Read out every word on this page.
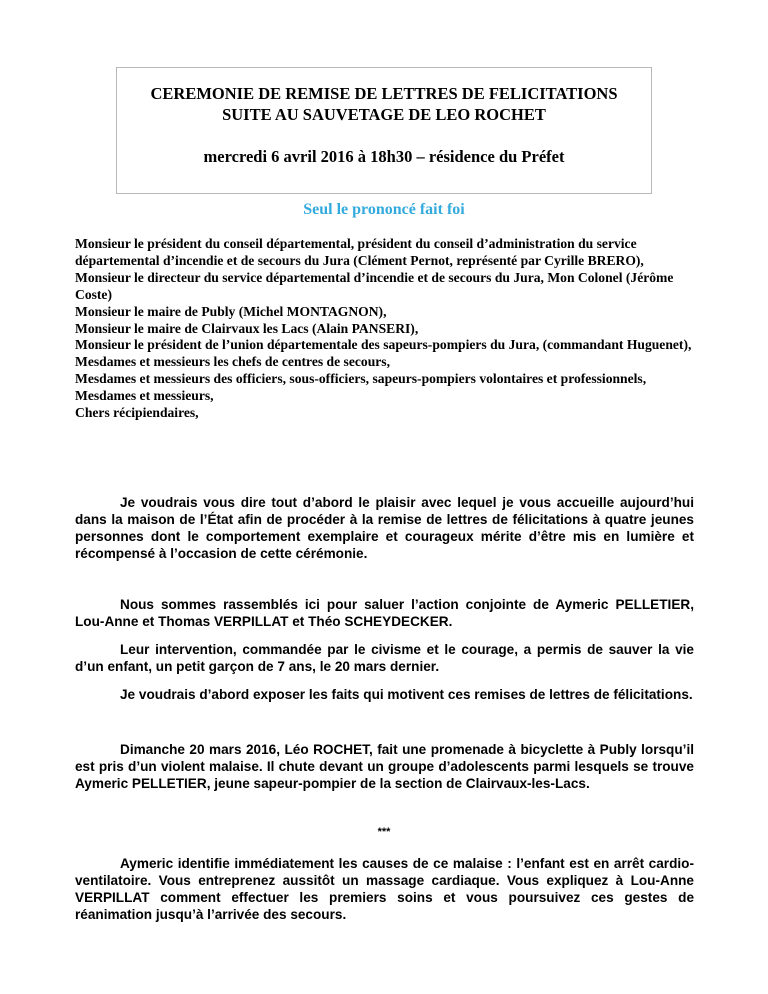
CEREMONIE DE REMISE DE LETTRES DE FELICITATIONS
SUITE AU SAUVETAGE DE LEO ROCHET
mercredi 6 avril 2016 à 18h30 – résidence du Préfet
Seul le prononcé fait foi
Monsieur le président du conseil départemental, président du conseil d’administration du service départemental d’incendie et de secours du Jura (Clément Pernot, représenté par Cyrille BRERO),
Monsieur le directeur du service départemental d’incendie et de secours du Jura, Mon Colonel (Jérôme Coste)
Monsieur le maire de Publy (Michel MONTAGNON),
Monsieur le maire de Clairvaux les Lacs (Alain PANSERI),
Monsieur le président de l’union départementale des sapeurs-pompiers du Jura, (commandant Huguenet),
Mesdames et messieurs les chefs de centres de secours,
Mesdames et messieurs des officiers, sous-officiers, sapeurs-pompiers volontaires et professionnels,
Mesdames et messieurs,
Chers récipiendaires,

Je voudrais vous dire tout d’abord le plaisir avec lequel je vous accueille aujourd’hui dans la maison de l’État afin de procéder à la remise de lettres de félicitations à quatre jeunes personnes dont le comportement exemplaire et courageux mérite d’être mis en lumière et récompensé à l’occasion de cette cérémonie.

Nous sommes rassemblés ici pour saluer l’action conjointe de Aymeric PELLETIER, Lou-Anne et Thomas VERPILLAT et Théo SCHEYDECKER.

Leur intervention, commandée par le civisme et le courage, a permis de sauver la vie d’un enfant, un petit garçon de 7 ans, le 20 mars dernier.

Je voudrais d’abord exposer les faits qui motivent ces remises de lettres de félicitations.

Dimanche 20 mars 2016, Léo ROCHET, fait une promenade à bicyclette à Publy lorsqu’il est pris d’un violent malaise. Il chute devant un groupe d’adolescents parmi lesquels se trouve Aymeric PELLETIER, jeune sapeur-pompier de la section de Clairvaux-les-Lacs.

***

Aymeric identifie immédiatement les causes de ce malaise : l’enfant est en arrêt cardio-ventilatoire. Vous entreprenez aussitôt un massage cardiaque. Vous expliquez à Lou-Anne VERPILLAT comment effectuer les premiers soins et vous poursuivez ces gestes de réanimation jusqu’à l’arrivée des secours.
